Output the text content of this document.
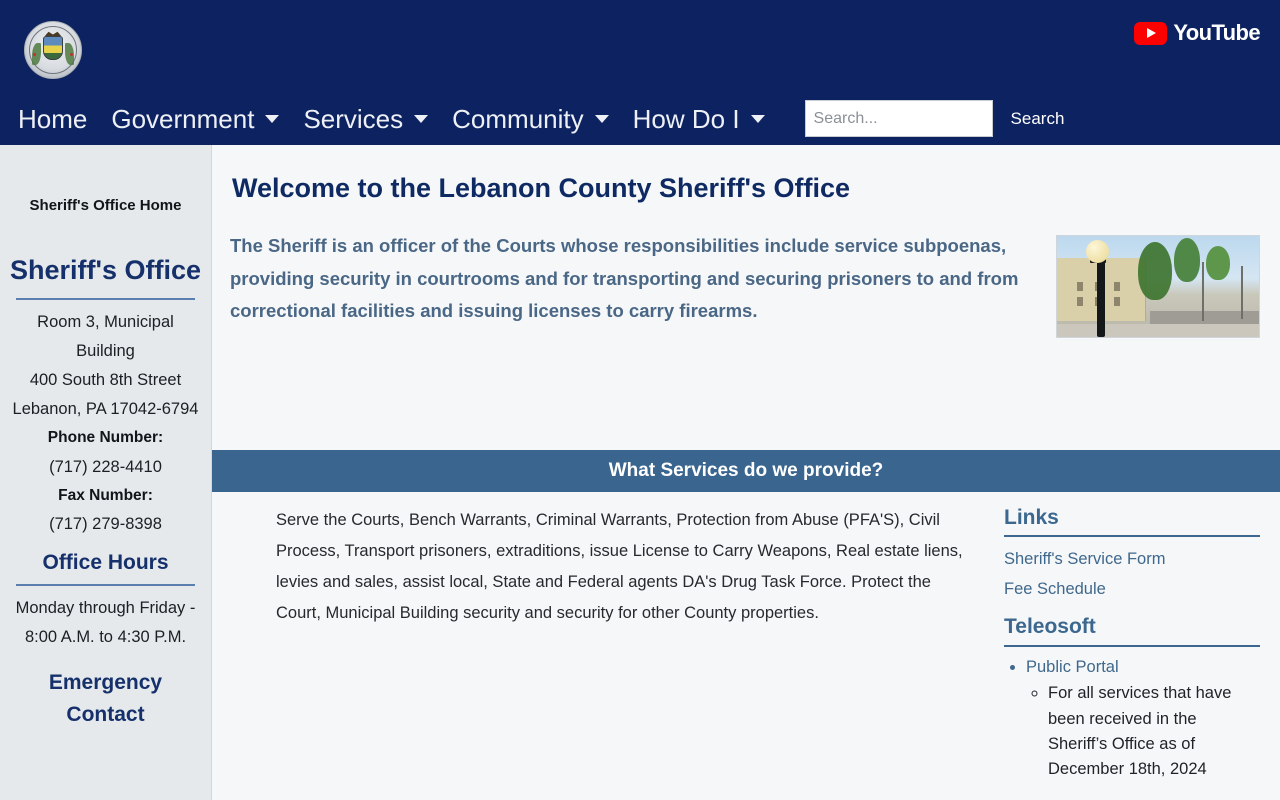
YouTube
Home Government Services Community How Do I
Search...	Search
Sheriff's Office Home
Sheriff's Office
Room 3, Municipal Building
400 South 8th Street
Lebanon, PA 17042-6794
Phone Number:
(717) 228-4410
Fax Number:
(717) 279-8398
Office Hours
Monday through Friday -
8:00 A.M. to 4:30 P.M.
Emergency Contact
Welcome to the Lebanon County Sheriff's Office

The Sheriff is an officer of the Courts whose responsibilities include service subpoenas, providing security in courtrooms and for transporting and securing prisoners to and from correctional facilities and issuing licenses to carry firearms.

What Services do we provide?

Serve the Courts, Bench Warrants, Criminal Warrants, Protection from Abuse (PFA'S), Civil Process, Transport prisoners, extraditions, issue License to Carry Weapons, Real estate liens, levies and sales, assist local, State and Federal agents DA's Drug Task Force. Protect the Court, Municipal Building security and security for other County properties.

Links
Sheriff's Service Form
Fee Schedule
Teleosoft
• Public Portal
◦ For all services that have been received in the Sheriff’s Office as of December 18th, 2024
